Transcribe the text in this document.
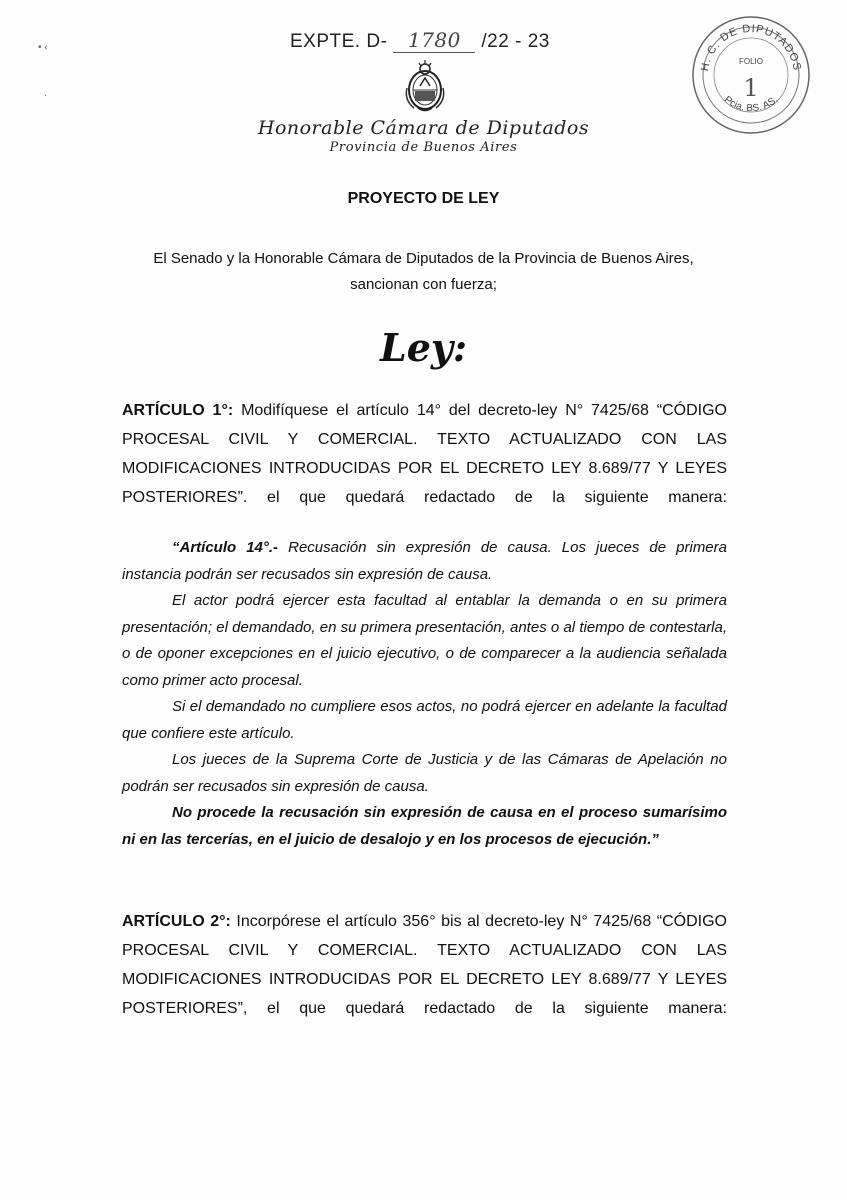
• ‹
·
EXPTE. D- 1780 /22 - 23
Honorable Cámara de Diputados
Provincia de Buenos Aires
H. C. DE DIPUTADOS
Pcia. BS. AS.
FOLIO
1
PROYECTO DE LEY
El Senado y la Honorable Cámara de Diputados de la Provincia de Buenos Aires,
sancionan con fuerza;
Ley:
ARTÍCULO 1°: Modifíquese el artículo 14° del decreto-ley N° 7425/68 “CÓDIGO PROCESAL CIVIL Y COMERCIAL. TEXTO ACTUALIZADO CON LAS MODIFICACIONES INTRODUCIDAS POR EL DECRETO LEY 8.689/77 Y LEYES POSTERIORES”. el que quedará redactado de la siguiente manera:

“Artículo 14°.- Recusación sin expresión de causa. Los jueces de primera instancia podrán ser recusados sin expresión de causa.

El actor podrá ejercer esta facultad al entablar la demanda o en su primera presentación; el demandado, en su primera presentación, antes o al tiempo de contestarla, o de oponer excepciones en el juicio ejecutivo, o de comparecer a la audiencia señalada como primer acto procesal.

Si el demandado no cumpliere esos actos, no podrá ejercer en adelante la facultad que confiere este artículo.

Los jueces de la Suprema Corte de Justicia y de las Cámaras de Apelación no podrán ser recusados sin expresión de causa.

No procede la recusación sin expresión de causa en el proceso sumarísimo ni en las tercerías, en el juicio de desalojo y en los procesos de ejecución.”

ARTÍCULO 2°: Incorpórese el artículo 356° bis al decreto-ley N° 7425/68 “CÓDIGO PROCESAL CIVIL Y COMERCIAL. TEXTO ACTUALIZADO CON LAS MODIFICACIONES INTRODUCIDAS POR EL DECRETO LEY 8.689/77 Y LEYES POSTERIORES”, el que quedará redactado de la siguiente manera:
